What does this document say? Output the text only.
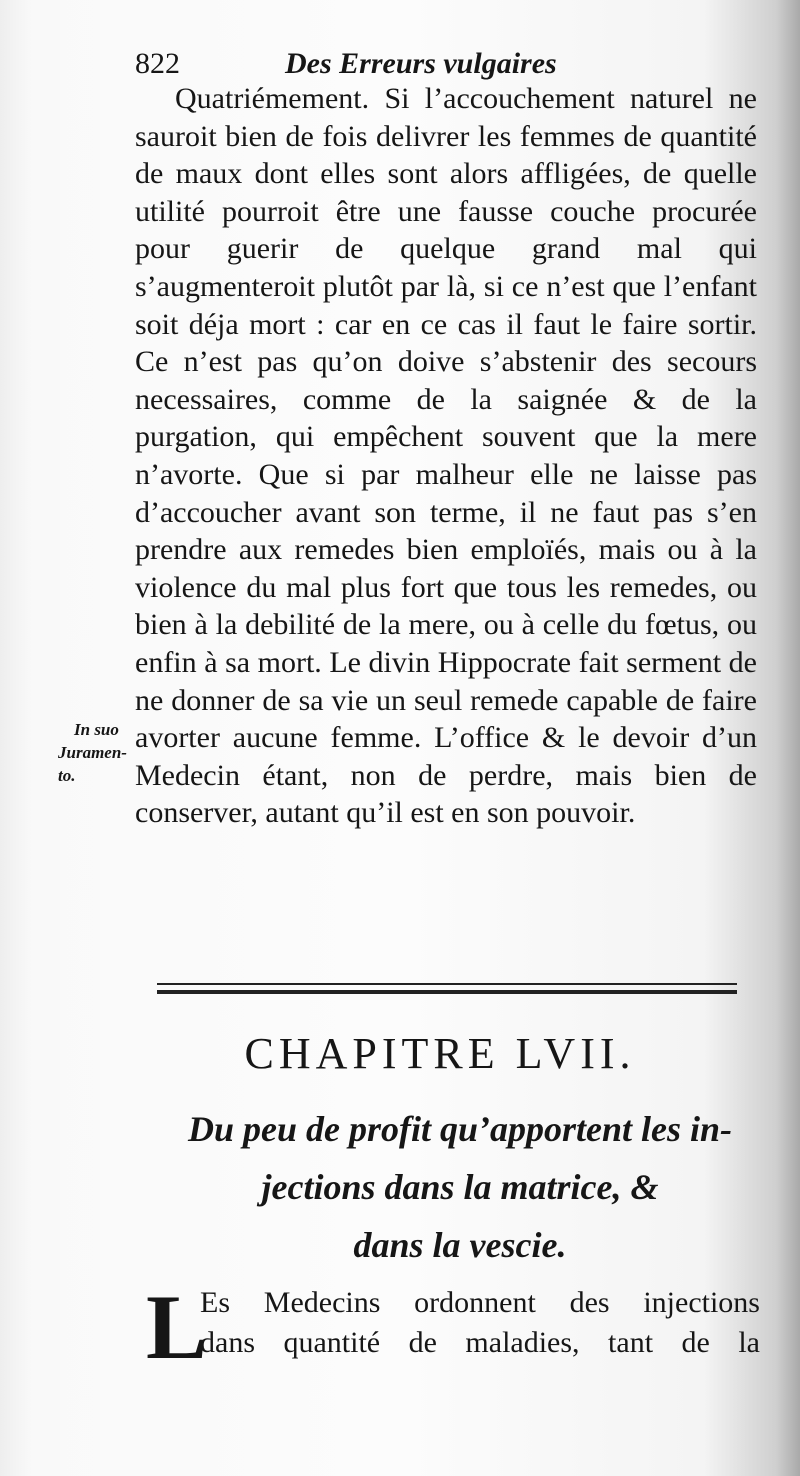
822	Des Erreurs vulgaires

Quatriémement. Si l’accouchement naturel ne sauroit bien de fois delivrer les femmes de quantité de maux dont elles sont alors affligées, de quelle utilité pourroit être une fausse couche procurée pour guerir de quelque grand mal qui s’augmenteroit plutôt par là, si ce n’est que l’enfant soit déja mort : car en ce cas il faut le faire sortir. Ce n’est pas qu’on doive s’abstenir des secours necessaires, comme de la saignée & de la purgation, qui empêchent souvent que la mere n’avorte. Que si par malheur elle ne laisse pas d’accoucher avant son terme, il ne faut pas s’en prendre aux remedes bien emploïés, mais ou à la violence du mal plus fort que tous les remedes, ou bien à la debilité de la mere, ou à celle du fœtus, ou enfin à sa mort. Le divin Hippocrate fait serment de ne donner de sa vie un seul remede capable de faire avorter aucune femme. L’office & le devoir d’un Medecin étant, non de perdre, mais bien de conserver, autant qu’il est en son pouvoir.

In suo
Juramen-
to.
CHAPITRE LVII.
Du peu de profit qu’apportent les in-
jections dans la matrice, &
dans la vescie.
L
Es Medecins ordonnent des injections
dans quantité de maladies, tant de la
